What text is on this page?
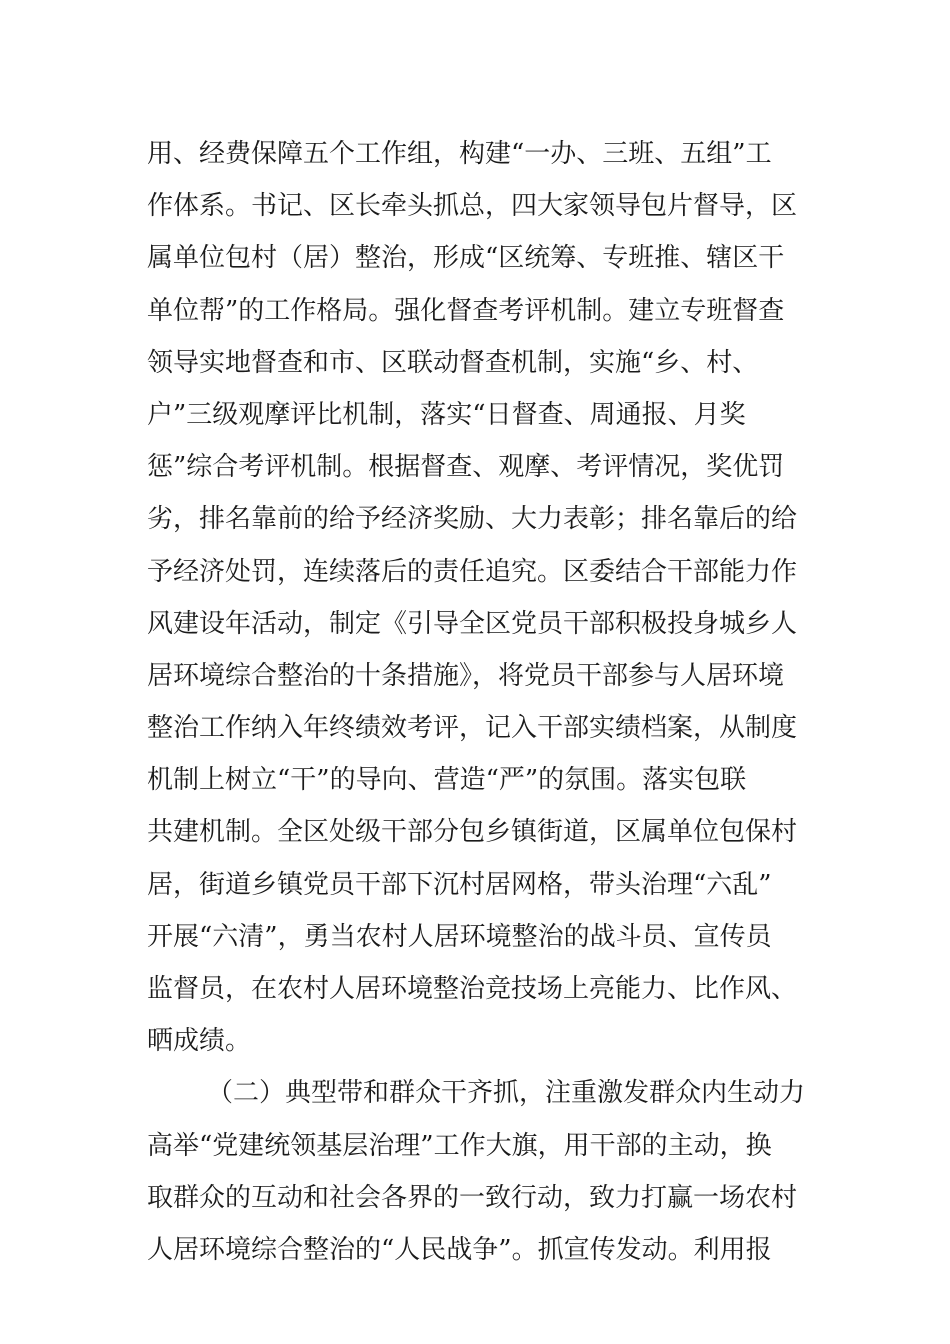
用、经费保障五个工作组，构建“一办、三班、五组”工
作体系。书记、区长牵头抓总，四大家领导包片督导，区
属单位包村（居）整治，形成“区统筹、专班推、辖区干
单位帮”的工作格局。强化督查考评机制。建立专班督查
领导实地督查和市、区联动督查机制，实施“乡、村、
户”三级观摩评比机制，落实“日督查、周通报、月奖
惩”综合考评机制。根据督查、观摩、考评情况，奖优罚
劣，排名靠前的给予经济奖励、大力表彰；排名靠后的给
予经济处罚，连续落后的责任追究。区委结合干部能力作
风建设年活动，制定《引导全区党员干部积极投身城乡人
居环境综合整治的十条措施》，将党员干部参与人居环境
整治工作纳入年终绩效考评，记入干部实绩档案，从制度
机制上树立“干”的导向、营造“严”的氛围。落实包联
共建机制。全区处级干部分包乡镇街道，区属单位包保村
居，街道乡镇党员干部下沉村居网格，带头治理“六乱”
开展“六清”，勇当农村人居环境整治的战斗员、宣传员
监督员，在农村人居环境整治竞技场上亮能力、比作风、
晒成绩。
（二）典型带和群众干齐抓，注重激发群众内生动力
高举“党建统领基层治理”工作大旗，用干部的主动，换
取群众的互动和社会各界的一致行动，致力打赢一场农村
人居环境综合整治的“人民战争”。抓宣传发动。利用报
